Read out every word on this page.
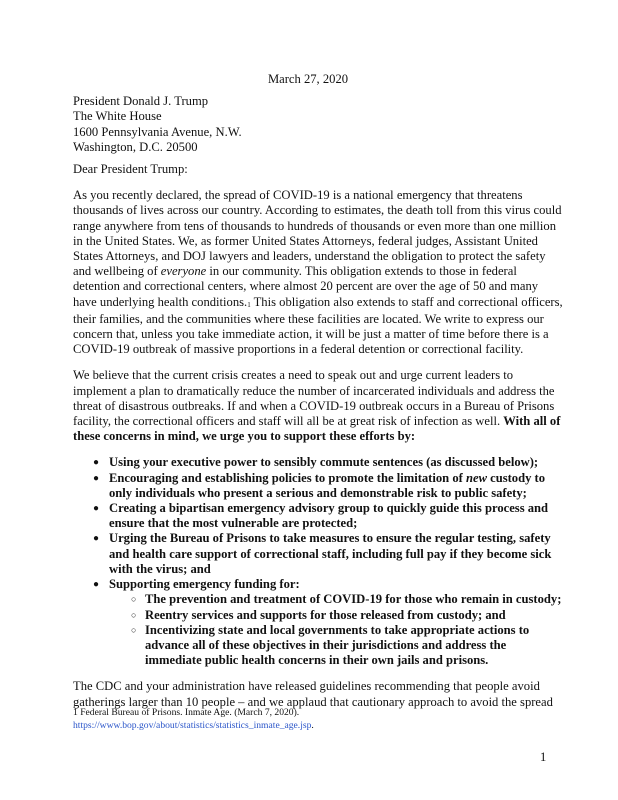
March 27, 2020
President Donald J. Trump
The White House
1600 Pennsylvania Avenue, N.W.
Washington, D.C. 20500
Dear President Trump:

As you recently declared, the spread of COVID-19 is a national emergency that threatens thousands of lives across our country. According to estimates, the death toll from this virus could range anywhere from tens of thousands to hundreds of thousands or even more than one million in the United States. We, as former United States Attorneys, federal judges, Assistant United States Attorneys, and DOJ lawyers and leaders, understand the obligation to protect the safety and wellbeing of everyone in our community. This obligation extends to those in federal detention and correctional centers, where almost 20 percent are over the age of 50 and many have underlying health conditions.$^1$ This obligation also extends to staff and correctional officers, their families, and the communities where these facilities are located. We write to express our concern that, unless you take immediate action, it will be just a matter of time before there is a COVID-19 outbreak of massive proportions in a federal detention or correctional facility.

We believe that the current crisis creates a need to speak out and urge current leaders to implement a plan to dramatically reduce the number of incarcerated individuals and address the threat of disastrous outbreaks. If and when a COVID-19 outbreak occurs in a Bureau of Prisons facility, the correctional officers and staff will all be at great risk of infection as well. With all of these concerns in mind, we urge you to support these efforts by:

● Using your executive power to sensibly commute sentences (as discussed below);
● Encouraging and establishing policies to promote the limitation of new custody to only individuals who present a serious and demonstrable risk to public safety;
● Creating a bipartisan emergency advisory group to quickly guide this process and ensure that the most vulnerable are protected;
● Urging the Bureau of Prisons to take measures to ensure the regular testing, safety and health care support of correctional staff, including full pay if they become sick with the virus; and
● Supporting emergency funding for:
○ The prevention and treatment of COVID-19 for those who remain in custody;
○ Reentry services and supports for those released from custody; and
○ Incentivizing state and local governments to take appropriate actions to advance all of these objectives in their jurisdictions and address the immediate public health concerns in their own jails and prisons.

The CDC and your administration have released guidelines recommending that people avoid gatherings larger than 10 people – and we applaud that cautionary approach to avoid the spread

1 Federal Bureau of Prisons. Inmate Age. (March 7, 2020).
https://www.bop.gov/about/statistics/statistics_inmate_age.jsp.
1
